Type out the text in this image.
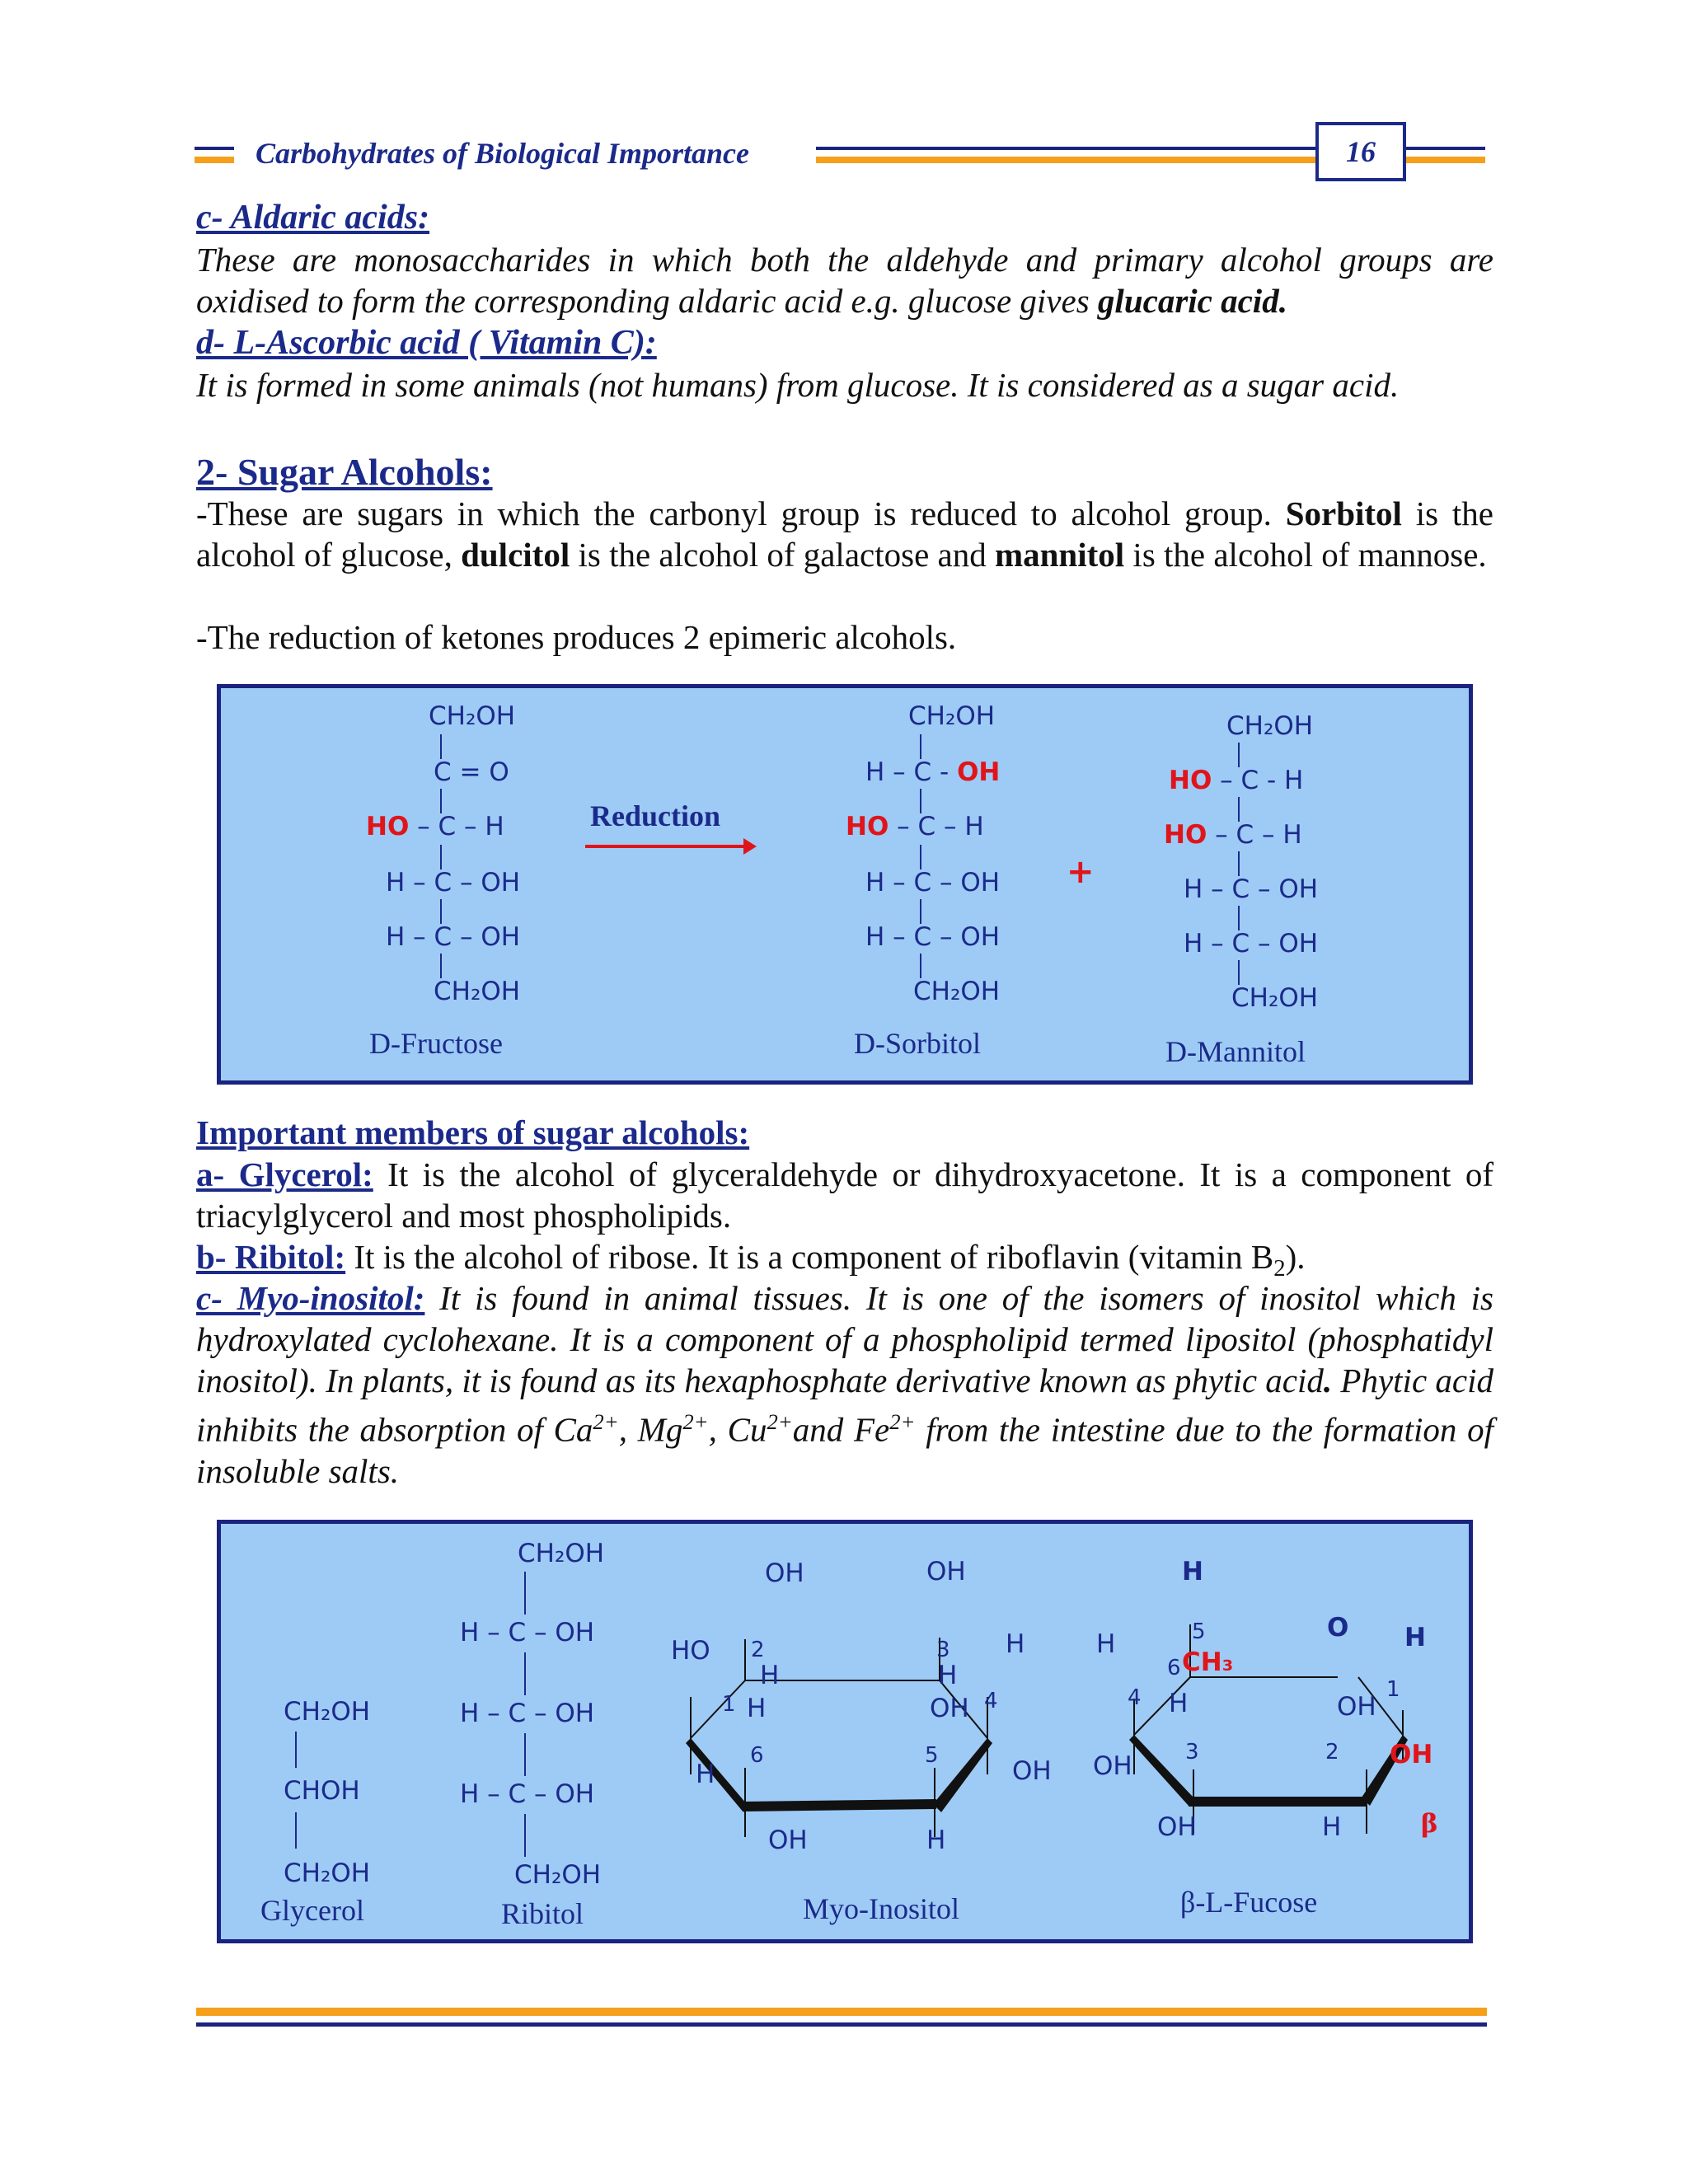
Carbohydrates of Biological Importance	16
c- Aldaric acids:
These are monosaccharides in which both the aldehyde and primary alcohol groups are oxidised to form the corresponding aldaric acid e.g. glucose gives glucaric acid.
d- L-Ascorbic acid ( Vitamin C):
It is formed in some animals (not humans) from glucose. It is considered as a sugar acid.
2- Sugar Alcohols:
-These are sugars in which the carbonyl group is reduced to alcohol group. Sorbitol is the alcohol of glucose, dulcitol is the alcohol of galactose and mannitol is the alcohol of mannose.
-The reduction of ketones produces 2 epimeric alcohols.
CH₂OH
C = O
HO – C – H
H – C – OH
H – C – OH
CH₂OH
D-Fructose
Reduction
CH₂OH
H – C - OH
HO – C – H
H – C – OH
H – C – OH
CH₂OH
D-Sorbitol
+
CH₂OH
HO – C - H
HO – C – H
H – C – OH
H – C – OH
CH₂OH
D-Mannitol
Important members of sugar alcohols:
a- Glycerol: It is the alcohol of glyceraldehyde or dihydroxyacetone. It is a component of triacylglycerol and most phospholipids.
b- Ribitol: It is the alcohol of ribose. It is a component of riboflavin (vitamin $B_2$).
c- Myo-inositol: It is found in animal tissues. It is one of the isomers of inositol which is hydroxylated cyclohexane. It is a component of a phospholipid termed lipositol (phosphatidyl inositol). In plants, it is found as its hexaphosphate derivative known as phytic acid. Phytic acid inhibits the absorption of $Ca^{2+}$, $Mg^{2+}$, $Cu^{2+}and$ $Fe^{2+}$ from the intestine due to the formation of insoluble salts.
CH₂OH
CHOH
CH₂OH
Glycerol
CH₂OH
H – C – OH
H – C – OH
H – C – OH
CH₂OH
Ribitol
OH	OH
HO	H
2	3
H	H
1 H	OH 4
H
6	5
OH
OH	H
Myo-Inositol
H
O H
H	5
6 CH₃
4 H	OH
1
3	2 OH
OH
OH	H	β
β-L-Fucose
